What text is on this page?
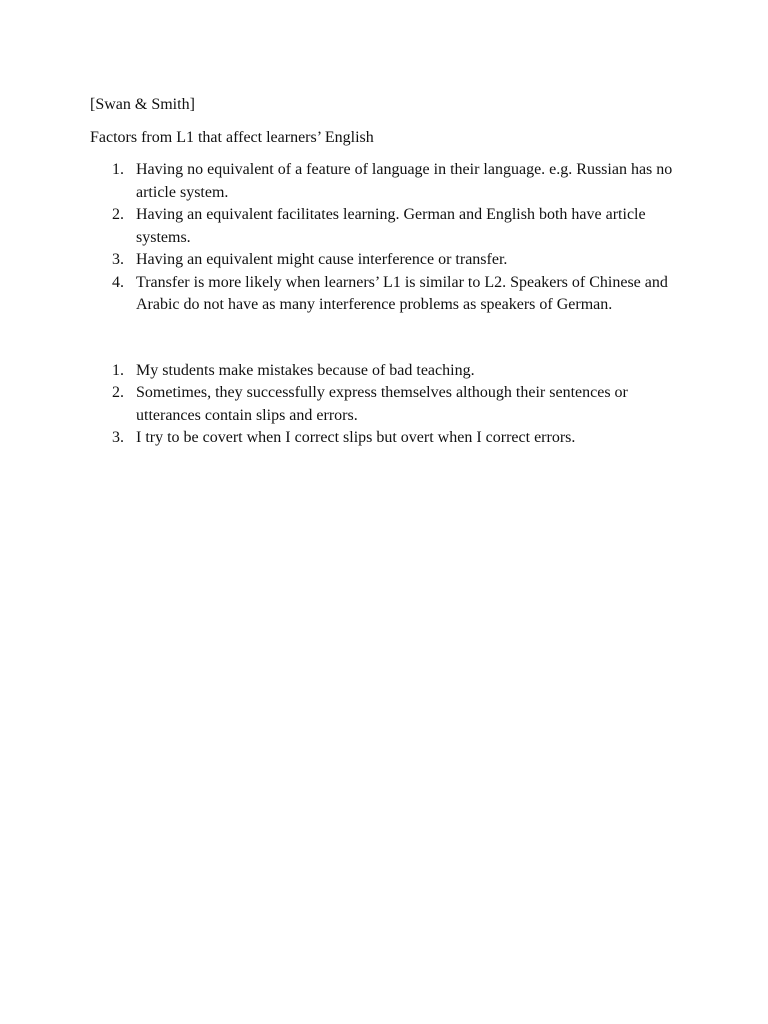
[Swan & Smith]

Factors from L1 that affect learners’ English

1. Having no equivalent of a feature of language in their language. e.g. Russian has no article system.
2. Having an equivalent facilitates learning. German and English both have article systems.
3. Having an equivalent might cause interference or transfer.
4. Transfer is more likely when learners’ L1 is similar to L2. Speakers of Chinese and Arabic do not have as many interference problems as speakers of German.
1. My students make mistakes because of bad teaching.
2. Sometimes, they successfully express themselves although their sentences or utterances contain slips and errors.
3. I try to be covert when I correct slips but overt when I correct errors.
